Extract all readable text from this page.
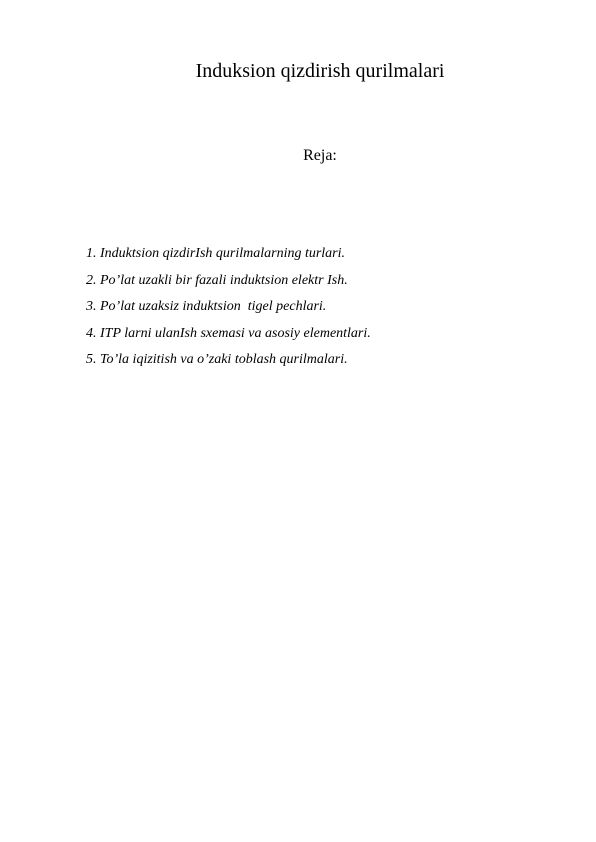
Induksion qizdirish qurilmalari
Reja:
1. Induktsion qizdirIsh qurilmalarning turlari.
2. Po’lat uzakli bir fazali induktsion elektr Ish.
3. Po’lat uzaksiz induktsion  tigel pechlari.
4. ITP larni ulanIsh sxemasi va asosiy elementlari.
5. To’la iqizitish va o’zaki toblash qurilmalari.
